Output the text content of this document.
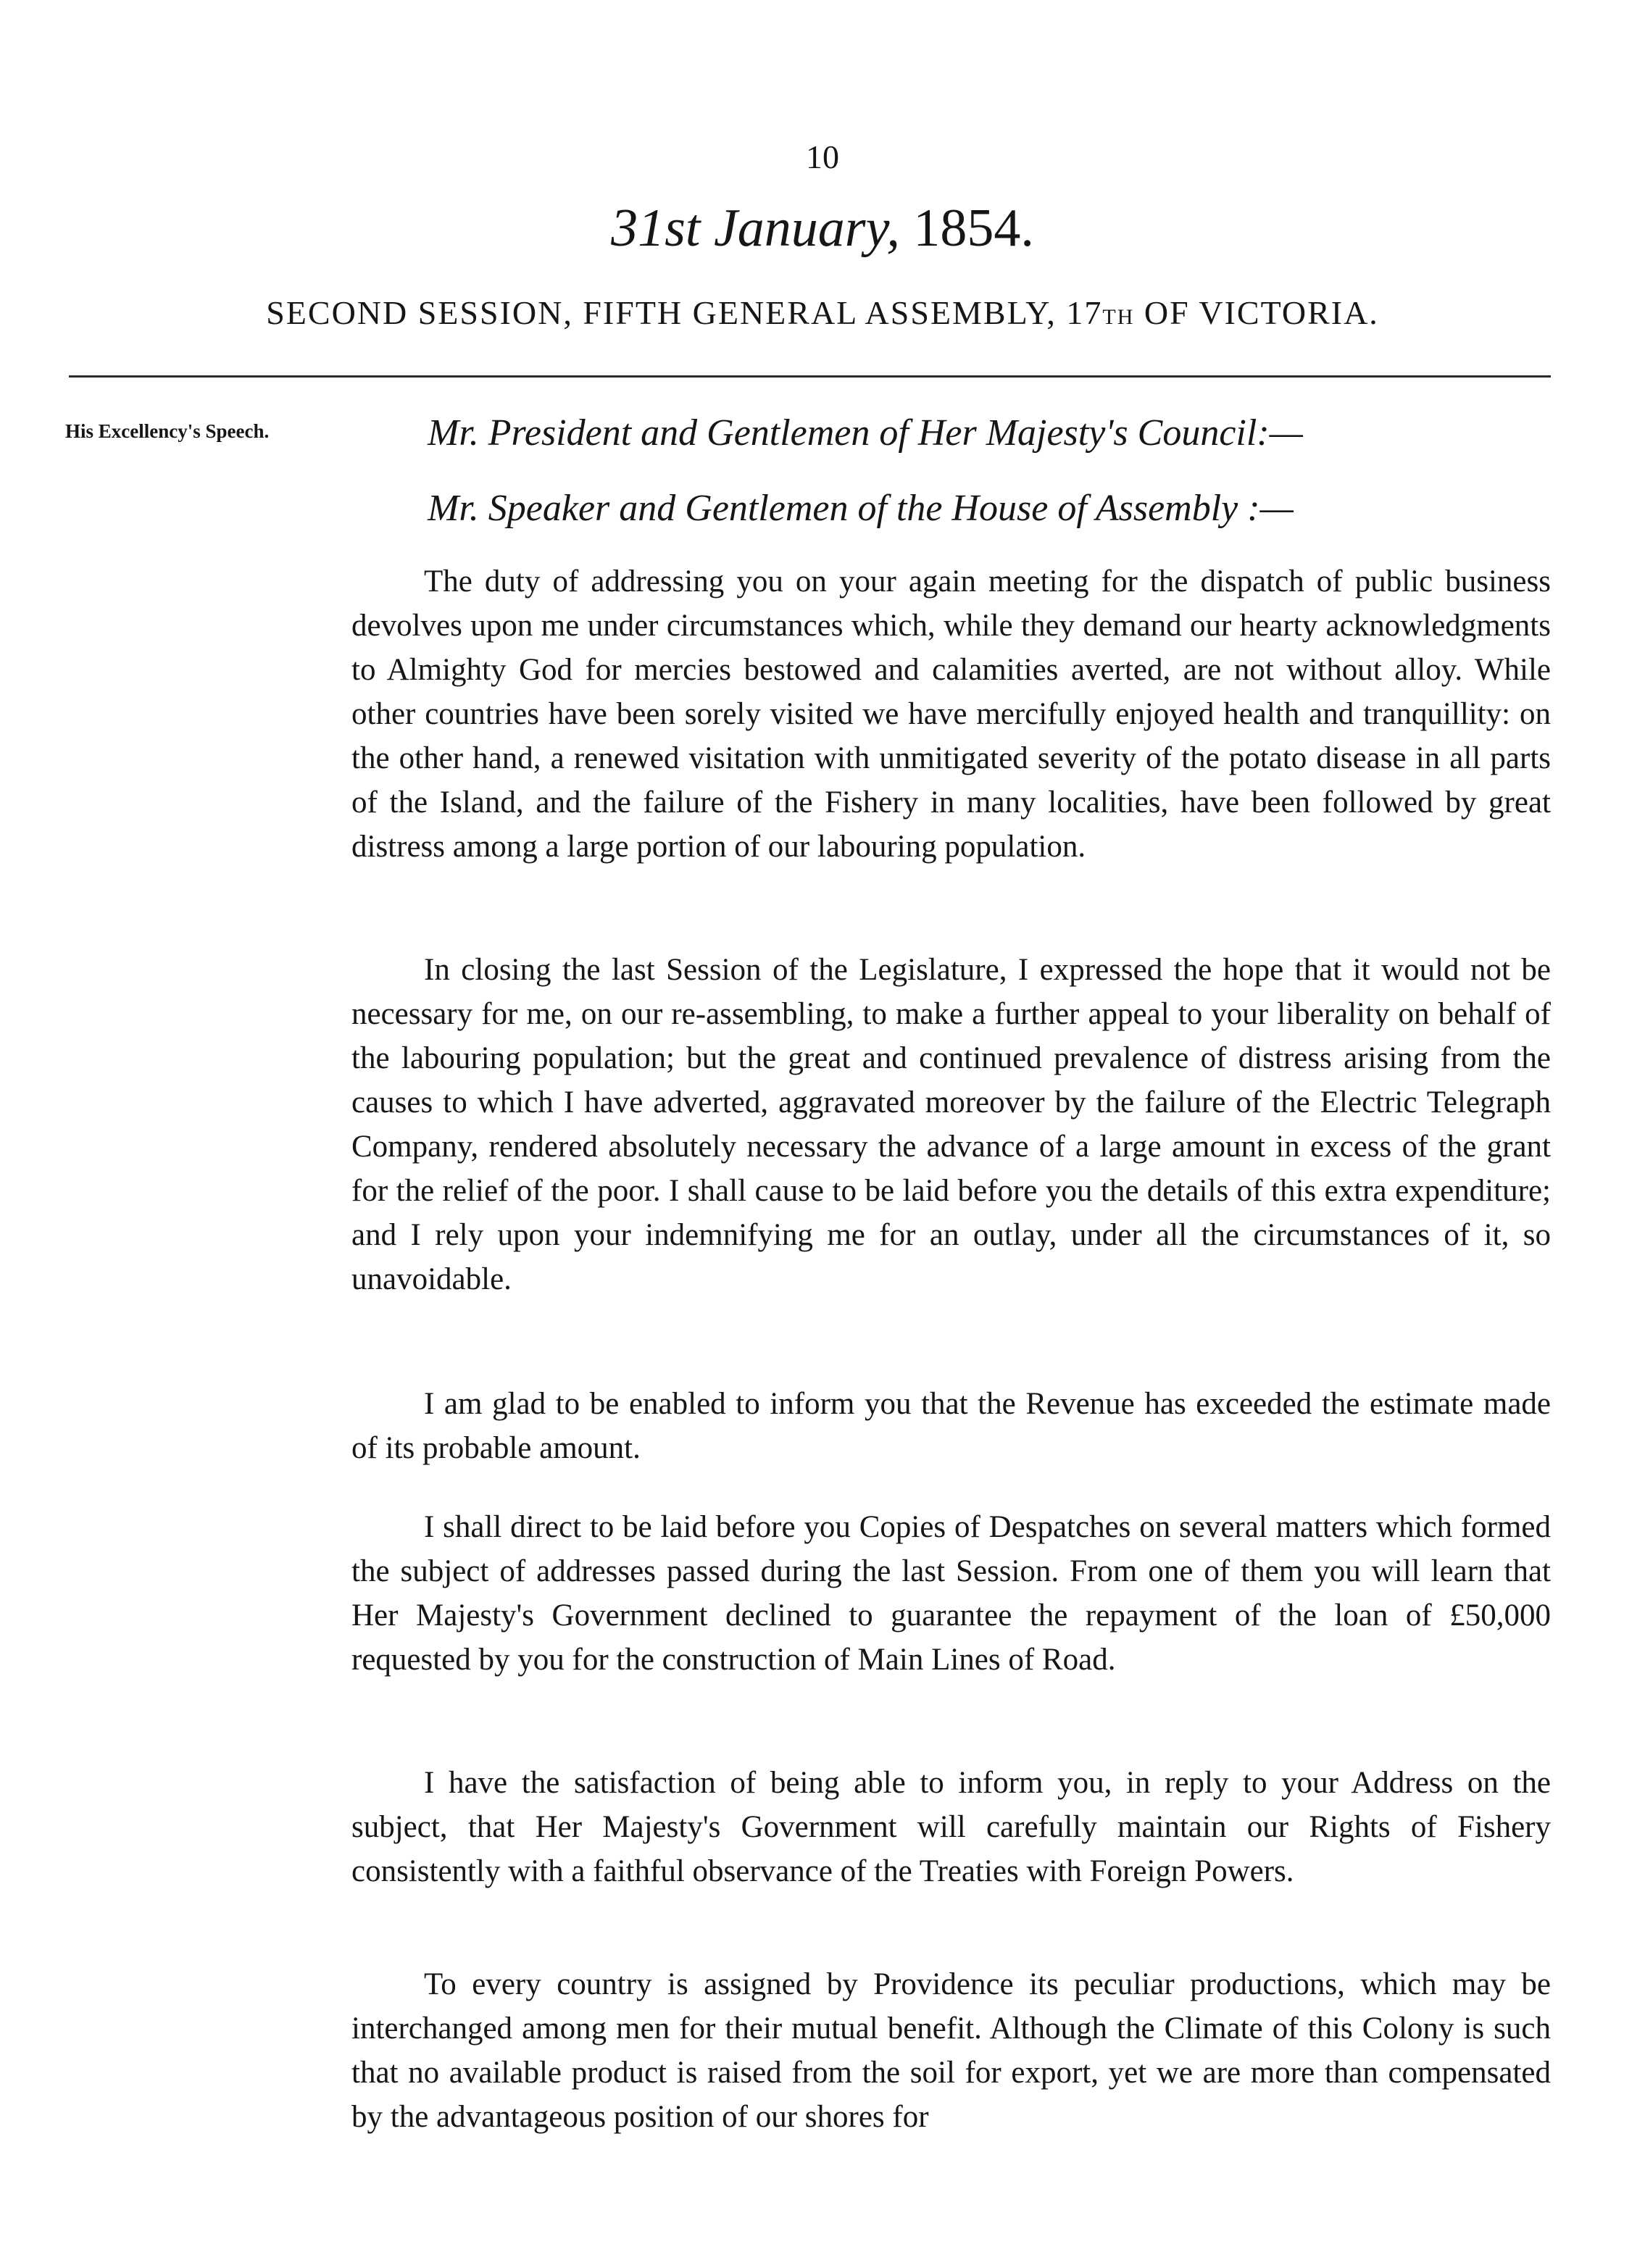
10
31st January, 1854.
SECOND SESSION, FIFTH GENERAL ASSEMBLY, 17TH OF VICTORIA.
His Excellency's Speech.	Mr. President and Gentlemen of Her Majesty's Council:—

Mr. Speaker and Gentlemen of the House of Assembly :—

The duty of addressing you on your again meeting for the dispatch of public business devolves upon me under circumstances which, while they demand our hearty acknowledgments to Almighty God for mercies bestowed and calamities averted, are not without alloy. While other countries have been sorely visited we have mercifully enjoyed health and tranquillity: on the other hand, a renewed visitation with unmitigated severity of the potato disease in all parts of the Island, and the failure of the Fishery in many localities, have been followed by great distress among a large portion of our labouring population.

In closing the last Session of the Legislature, I expressed the hope that it would not be necessary for me, on our re-assembling, to make a further appeal to your liberality on behalf of the labouring population; but the great and continued prevalence of distress arising from the causes to which I have adverted, aggravated moreover by the failure of the Electric Telegraph Company, rendered absolutely necessary the advance of a large amount in excess of the grant for the relief of the poor. I shall cause to be laid before you the details of this extra expenditure; and I rely upon your indemnifying me for an outlay, under all the circumstances of it, so unavoidable.

I am glad to be enabled to inform you that the Revenue has exceeded the estimate made of its probable amount.

I shall direct to be laid before you Copies of Despatches on several matters which formed the subject of addresses passed during the last Session. From one of them you will learn that Her Majesty's Government declined to guarantee the repayment of the loan of £50,000 requested by you for the construction of Main Lines of Road.

I have the satisfaction of being able to inform you, in reply to your Address on the subject, that Her Majesty's Government will carefully maintain our Rights of Fishery consistently with a faithful observance of the Treaties with Foreign Powers.

To every country is assigned by Providence its peculiar productions, which may be interchanged among men for their mutual benefit. Although the Climate of this Colony is such that no available product is raised from the soil for export, yet we are more than compensated by the advantageous position of our shores for
